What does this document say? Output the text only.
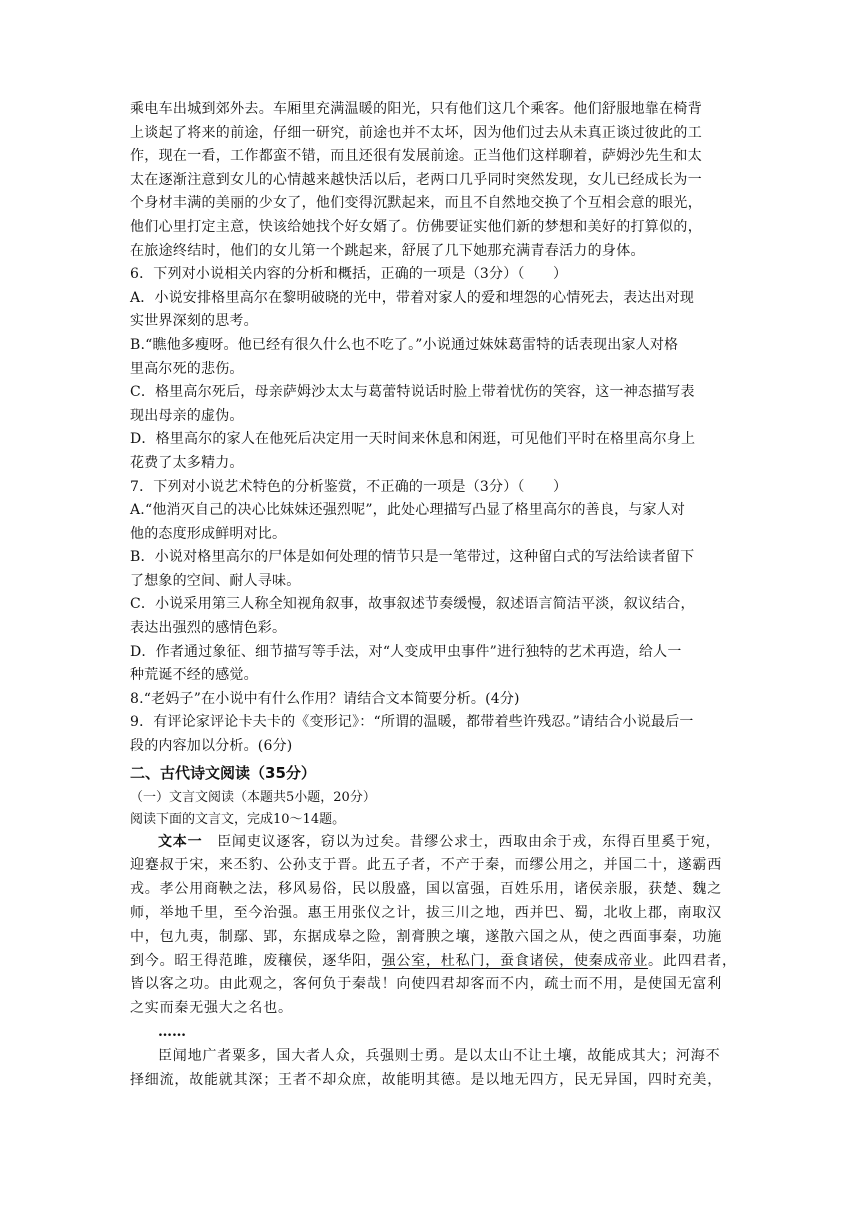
乘电车出城到郊外去。车厢里充满温暖的阳光，只有他们这几个乘客。他们舒服地靠在椅背

上谈起了将来的前途，仔细一研究，前途也并不太坏，因为他们过去从未真正谈过彼此的工

作，现在一看，工作都蛮不错，而且还很有发展前途。正当他们这样聊着，萨姆沙先生和太

太在逐渐注意到女儿的心情越来越快活以后，老两口几乎同时突然发现，女儿已经成长为一

个身材丰满的美丽的少女了，他们变得沉默起来，而且不自然地交换了个互相会意的眼光，

他们心里打定主意，快该给她找个好女婿了。仿佛要证实他们新的梦想和美好的打算似的，

在旅途终结时，他们的女儿第一个跳起来，舒展了几下她那充满青春活力的身体。

6．下列对小说相关内容的分析和概括，正确的一项是（3分）（　　）

A．小说安排格里高尔在黎明破晓的光中，带着对家人的爱和埋怨的心情死去，表达出对现

实世界深刻的思考。

B.“瞧他多瘦呀。他已经有很久什么也不吃了。”小说通过妹妹葛雷特的话表现出家人对格

里高尔死的悲伤。

C．格里高尔死后，母亲萨姆沙太太与葛蕾特说话时脸上带着忧伤的笑容，这一神态描写表

现出母亲的虚伪。

D．格里高尔的家人在他死后决定用一天时间来休息和闲逛，可见他们平时在格里高尔身上

花费了太多精力。

7．下列对小说艺术特色的分析鉴赏，不正确的一项是（3分）（　　）

A.“他消灭自己的决心比妹妹还强烈呢”，此处心理描写凸显了格里高尔的善良，与家人对

他的态度形成鲜明对比。

B．小说对格里高尔的尸体是如何处理的情节只是一笔带过，这种留白式的写法给读者留下

了想象的空间、耐人寻味。

C．小说采用第三人称全知视角叙事，故事叙述节奏缓慢，叙述语言简洁平淡，叙议结合，

表达出强烈的感情色彩。

D．作者通过象征、细节描写等手法，对“人变成甲虫事件”进行独特的艺术再造，给人一

种荒诞不经的感觉。

8.“老妈子”在小说中有什么作用？请结合文本简要分析。(4分)

9．有评论家评论卡夫卡的《变形记》：“所谓的温暖，都带着些许残忍。”请结合小说最后一

段的内容加以分析。(6分)

二、古代诗文阅读（35分）

（一）文言文阅读（本题共5小题，20分）

阅读下面的文言文，完成10～14题。

文本一　 臣闻吏议逐客，窃以为过矣。昔缪公求士，西取由余于戎，东得百里奚于宛，

迎蹇叔于宋，来丕豹、公孙支于晋。此五子者，不产于秦，而缪公用之，并国二十，遂霸西

戎。孝公用商鞅之法，移风易俗，民以殷盛，国以富强，百姓乐用，诸侯亲服，获楚、魏之

师，举地千里，至今治强。惠王用张仪之计，拔三川之地，西并巴、蜀，北收上郡，南取汉

中，包九夷，制鄢、郢，东据成皋之险，割膏腴之壤，遂散六国之从，使之西面事秦，功施

到今。昭王得范雎，废穰侯，逐华阳，强公室，杜私门，蚕食诸侯，使秦成帝业。此四君者，

皆以客之功。由此观之，客何负于秦哉！向使四君却客而不内，疏士而不用，是使国无富利

之实而秦无强大之名也。

……

臣闻地广者粟多，国大者人众，兵强则士勇。是以太山不让土壤，故能成其大；河海不

择细流，故能就其深；王者不却众庶，故能明其德。是以地无四方，民无异国，四时充美，
